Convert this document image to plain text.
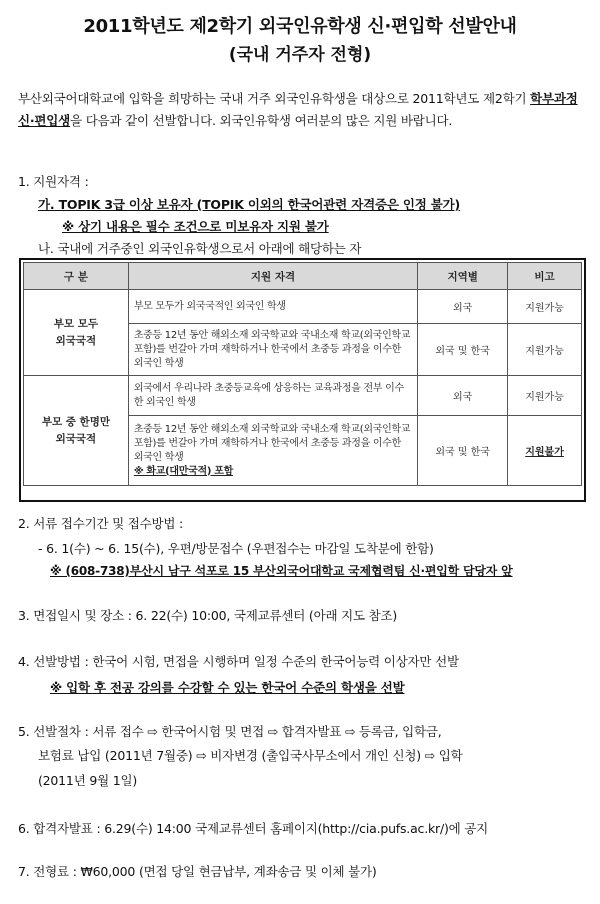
2011학년도 제2학기 외국인유학생 신·편입학 선발안내
(국내 거주자 전형)
부산외국어대학교에 입학을 희망하는 국내 거주 외국인유학생을 대상으로 2011학년도 제2학기 학부과정 신·편입생을 다음과 같이 선발합니다. 외국인유학생 여러분의 많은 지원 바랍니다.
1. 지원자격 :
가. TOPIK 3급 이상 보유자 (TOPIK 이외의 한국어관련 자격증은 인정 불가)
※ 상기 내용은 필수 조건으로 미보유자 지원 불가
나. 국내에 거주중인 외국인유학생으로서 아래에 해당하는 자
구 분	지원 자격	지역별	비고
부모 모두
외국국적	부모 모두가 외국국적인 외국인 학생	외국	지원가능
	초중등 12년 동안 해외소재 외국학교와 국내소재 학교(외국인학교 포함)를 번갈아 가며 재학하거나 한국에서 초중등 과정을 이수한 외국인 학생	외국 및 한국	지원가능
부모 중 한명만
외국국적	외국에서 우리나라 초중등교육에 상응하는 교육과정을 전부 이수한 외국인 학생	외국	지원가능
	초중등 12년 동안 해외소재 외국학교와 국내소재 학교(외국인학교 포함)를 번갈아 가며 재학하거나 한국에서 초중등 과정을 이수한 외국인 학생
※ 화교(대만국적) 포함	외국 및 한국	지원불가
2. 서류 접수기간 및 접수방법 :
- 6. 1(수) ~ 6. 15(수), 우편/방문접수 (우편접수는 마감일 도착분에 한함)
※ (608-738)부산시 남구 석포로 15 부산외국어대학교 국제협력팀 신·편입학 담당자 앞
3. 면접일시 및 장소 : 6. 22(수) 10:00, 국제교류센터 (아래 지도 참조)
4. 선발방법 : 한국어 시험, 면접을 시행하며 일정 수준의 한국어능력 이상자만 선발
※ 입학 후 전공 강의를 수강할 수 있는 한국어 수준의 학생을 선발
5. 선발절차 : 서류 접수 ⇨ 한국어시험 및 면접 ⇨ 합격자발표 ⇨ 등록금, 입학금,
보험료 납입 (2011년 7월중) ⇨ 비자변경 (출입국사무소에서 개인 신청) ⇨ 입학
(2011년 9월 1일)
6. 합격자발표 : 6.29(수) 14:00 국제교류센터 홈페이지(http://cia.pufs.ac.kr/)에 공지
7. 전형료 : ₩60,000 (면접 당일 현금납부, 계좌송금 및 이체 불가)
